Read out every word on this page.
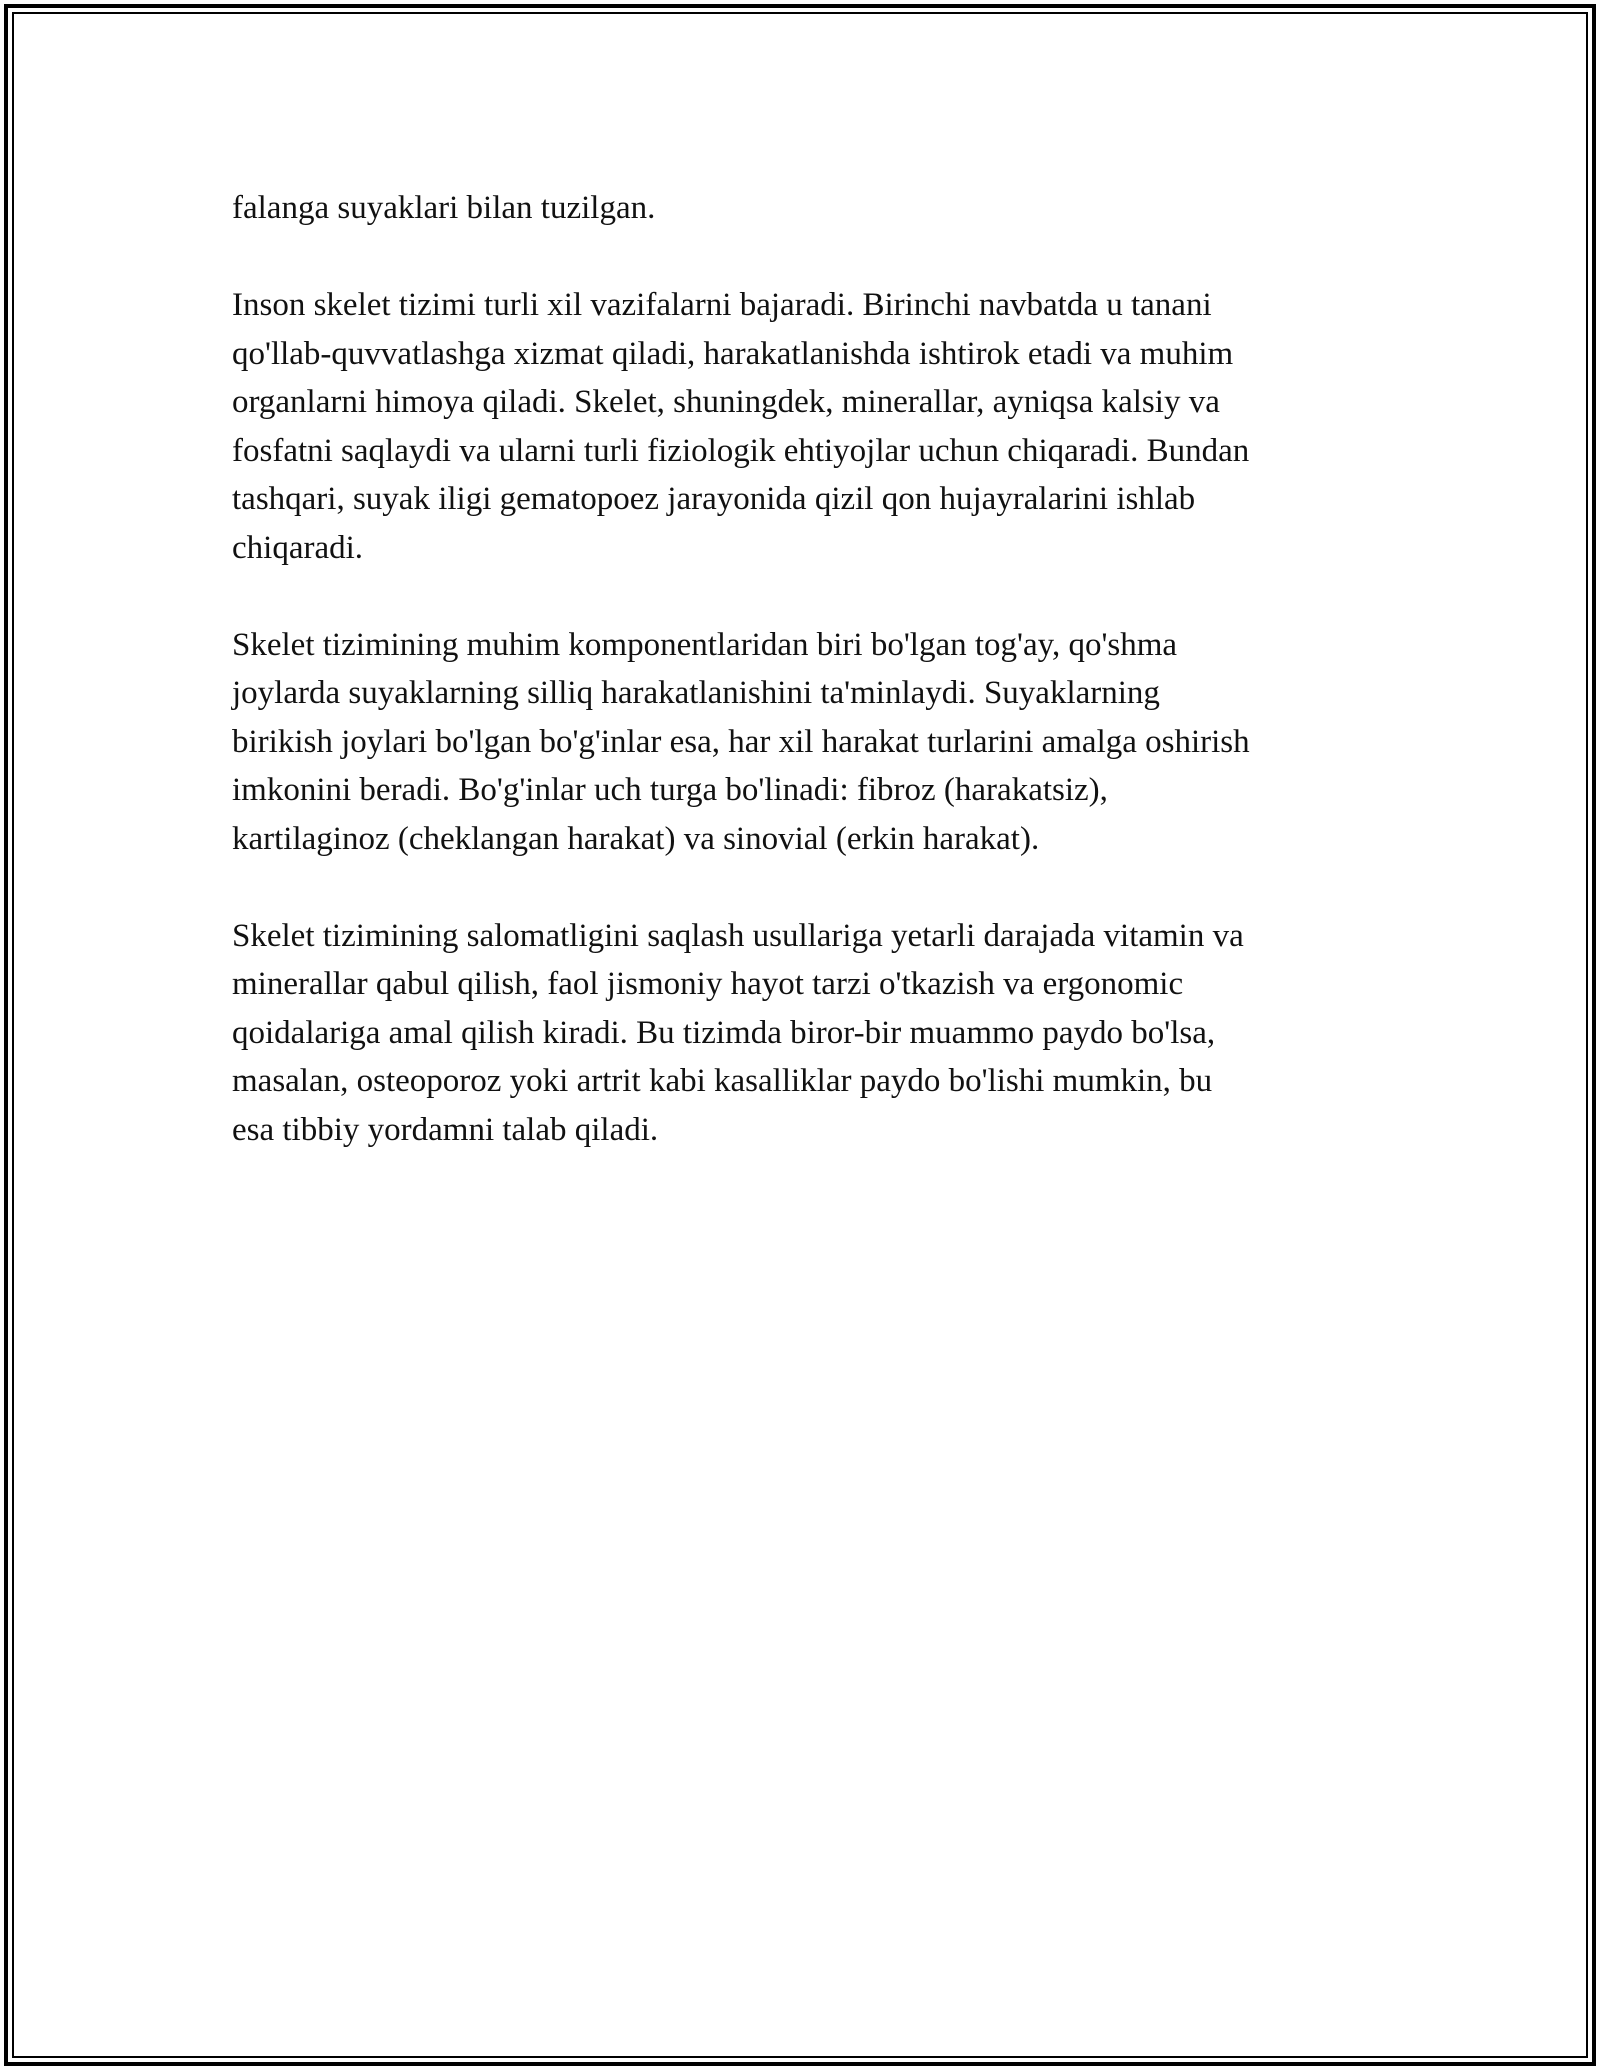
falanga suyaklari bilan tuzilgan.

Inson skelet tizimi turli xil vazifalarni bajaradi. Birinchi navbatda u tanani
qo'llab-quvvatlashga xizmat qiladi, harakatlanishda ishtirok etadi va muhim
organlarni himoya qiladi. Skelet, shuningdek, minerallar, ayniqsa kalsiy va
fosfatni saqlaydi va ularni turli fiziologik ehtiyojlar uchun chiqaradi. Bundan
tashqari, suyak iligi gematopoez jarayonida qizil qon hujayralarini ishlab
chiqaradi.

Skelet tizimining muhim komponentlaridan biri bo'lgan tog'ay, qo'shma
joylarda suyaklarning silliq harakatlanishini ta'minlaydi. Suyaklarning
birikish joylari bo'lgan bo'g'inlar esa, har xil harakat turlarini amalga oshirish
imkonini beradi. Bo'g'inlar uch turga bo'linadi: fibroz (harakatsiz),
kartilaginoz (cheklangan harakat) va sinovial (erkin harakat).

Skelet tizimining salomatligini saqlash usullariga yetarli darajada vitamin va
minerallar qabul qilish, faol jismoniy hayot tarzi o'tkazish va ergonomic
qoidalariga amal qilish kiradi. Bu tizimda biror-bir muammo paydo bo'lsa,
masalan, osteoporoz yoki artrit kabi kasalliklar paydo bo'lishi mumkin, bu
esa tibbiy yordamni talab qiladi.
